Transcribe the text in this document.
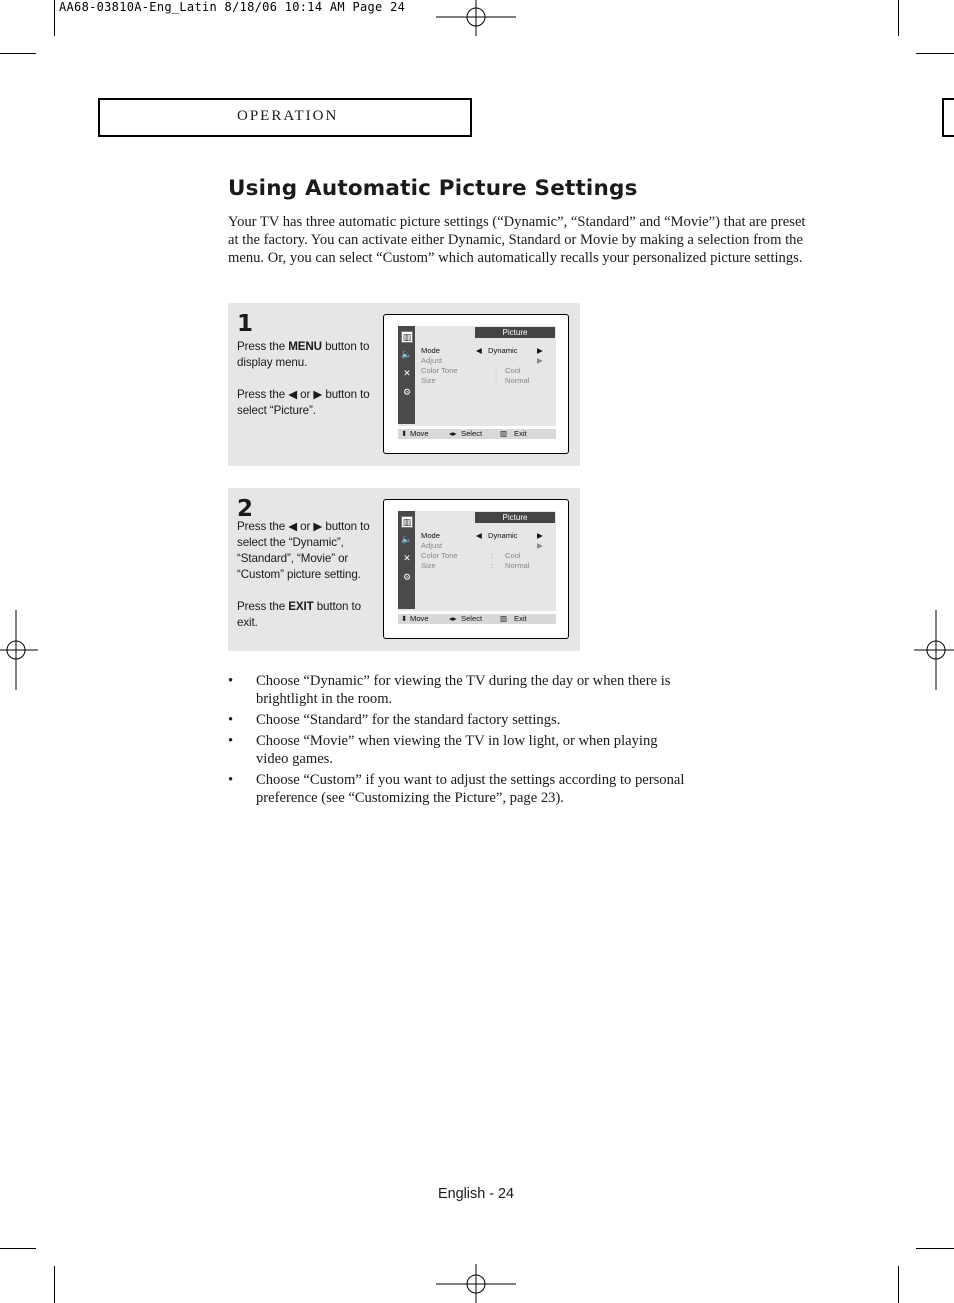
AA68-03810A-Eng_Latin 8/18/06 10:14 AM Page 24
OPERATION
Using Automatic Picture Settings

Your TV has three automatic picture settings (“Dynamic”, “Standard” and “Movie”) that are preset at the factory. You can activate either Dynamic, Standard or Movie by making a selection from the menu. Or, you can select “Custom” which automatically recalls your personalized picture settings.

1
Press the MENU button to display menu.
Press the ◀ or ▶ button to select “Picture”.
▥
🔈
✕
⚙
Picture
Mode	◀ Dynamic	▶
Adjust	▶
Color Tone	: Cool
Size	: Normal
⬍ Move	◂▸ Select ▥ Exit
2
Press the ◀ or ▶ button to select the “Dynamic”, “Standard”, “Movie” or “Custom” picture setting.
Press the EXIT button to exit.
▥
🔈
✕
⚙
Picture
Mode	◀ Dynamic	▶
Adjust	▶
Color Tone	: Cool
Size	: Normal
⬍ Move	◂▸ Select ▥ Exit
• Choose “Dynamic” for viewing the TV during the day or when there is brightlight in the room.
• Choose “Standard” for the standard factory settings.
• Choose “Movie” when viewing the TV in low light, or when playing video games.
• Choose “Custom” if you want to adjust the settings according to personal preference (see “Customizing the Picture”, page 23).
English - 24
